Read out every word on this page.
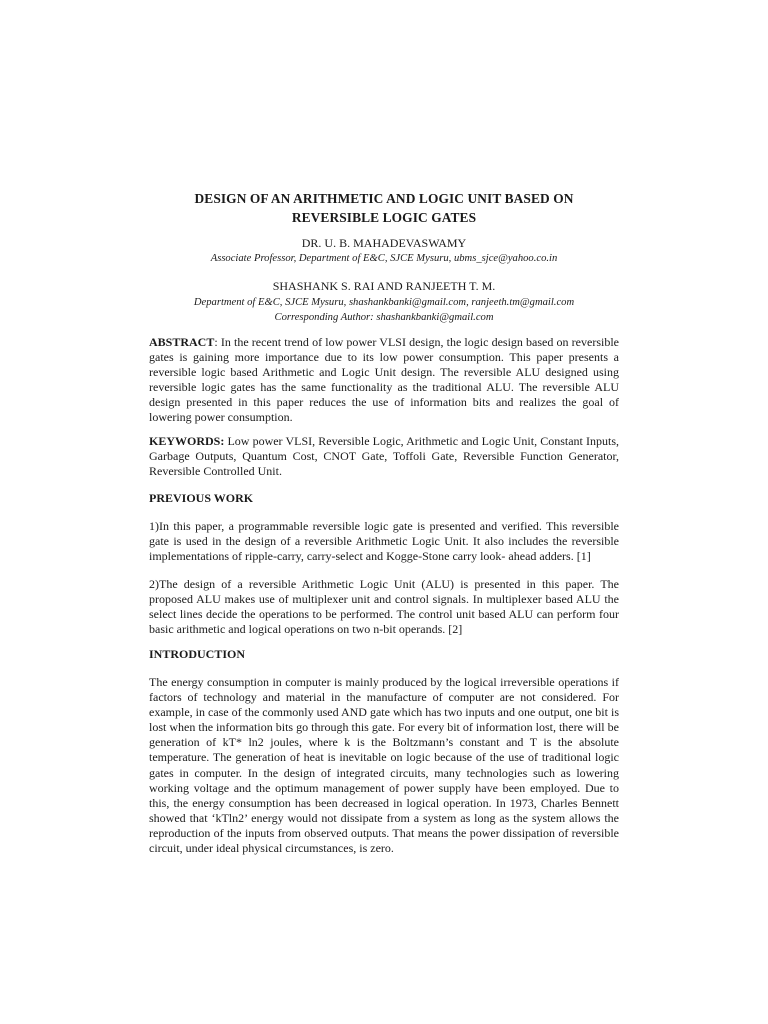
DESIGN OF AN ARITHMETIC AND LOGIC UNIT BASED ON
REVERSIBLE LOGIC GATES
DR. U. B. MAHADEVASWAMY
Associate Professor, Department of E&C, SJCE Mysuru, ubms_sjce@yahoo.co.in
SHASHANK S. RAI AND RANJEETH T. M.
Department of E&C, SJCE Mysuru, shashankbanki@gmail.com, ranjeeth.tm@gmail.com
Corresponding Author: shashankbanki@gmail.com

ABSTRACT: In the recent trend of low power VLSI design, the logic design based on reversible gates is gaining more importance due to its low power consumption. This paper presents a reversible logic based Arithmetic and Logic Unit design. The reversible ALU designed using reversible logic gates has the same functionality as the traditional ALU. The reversible ALU design presented in this paper reduces the use of information bits and realizes the goal of lowering power consumption.

KEYWORDS: Low power VLSI, Reversible Logic, Arithmetic and Logic Unit, Constant Inputs, Garbage Outputs, Quantum Cost, CNOT Gate, Toffoli Gate, Reversible Function Generator, Reversible Controlled Unit.

PREVIOUS WORK

1)In this paper, a programmable reversible logic gate is presented and verified. This reversible gate is used in the design of a reversible Arithmetic Logic Unit. It also includes the reversible implementations of ripple-carry, carry-select and Kogge-Stone carry look- ahead adders. [1]

2)The design of a reversible Arithmetic Logic Unit (ALU) is presented in this paper. The proposed ALU makes use of multiplexer unit and control signals. In multiplexer based ALU the select lines decide the operations to be performed. The control unit based ALU can perform four basic arithmetic and logical operations on two n-bit operands. [2]

INTRODUCTION

The energy consumption in computer is mainly produced by the logical irreversible operations if factors of technology and material in the manufacture of computer are not considered. For example, in case of the commonly used AND gate which has two inputs and one output, one bit is lost when the information bits go through this gate. For every bit of information lost, there will be generation of kT* ln2 joules, where k is the Boltzmann’s constant and T is the absolute temperature. The generation of heat is inevitable on logic because of the use of traditional logic gates in computer. In the design of integrated circuits, many technologies such as lowering working voltage and the optimum management of power supply have been employed. Due to this, the energy consumption has been decreased in logical operation. In 1973, Charles Bennett showed that ‘kTln2’ energy would not dissipate from a system as long as the system allows the reproduction of the inputs from observed outputs. That means the power dissipation of reversible circuit, under ideal physical circumstances, is zero.
